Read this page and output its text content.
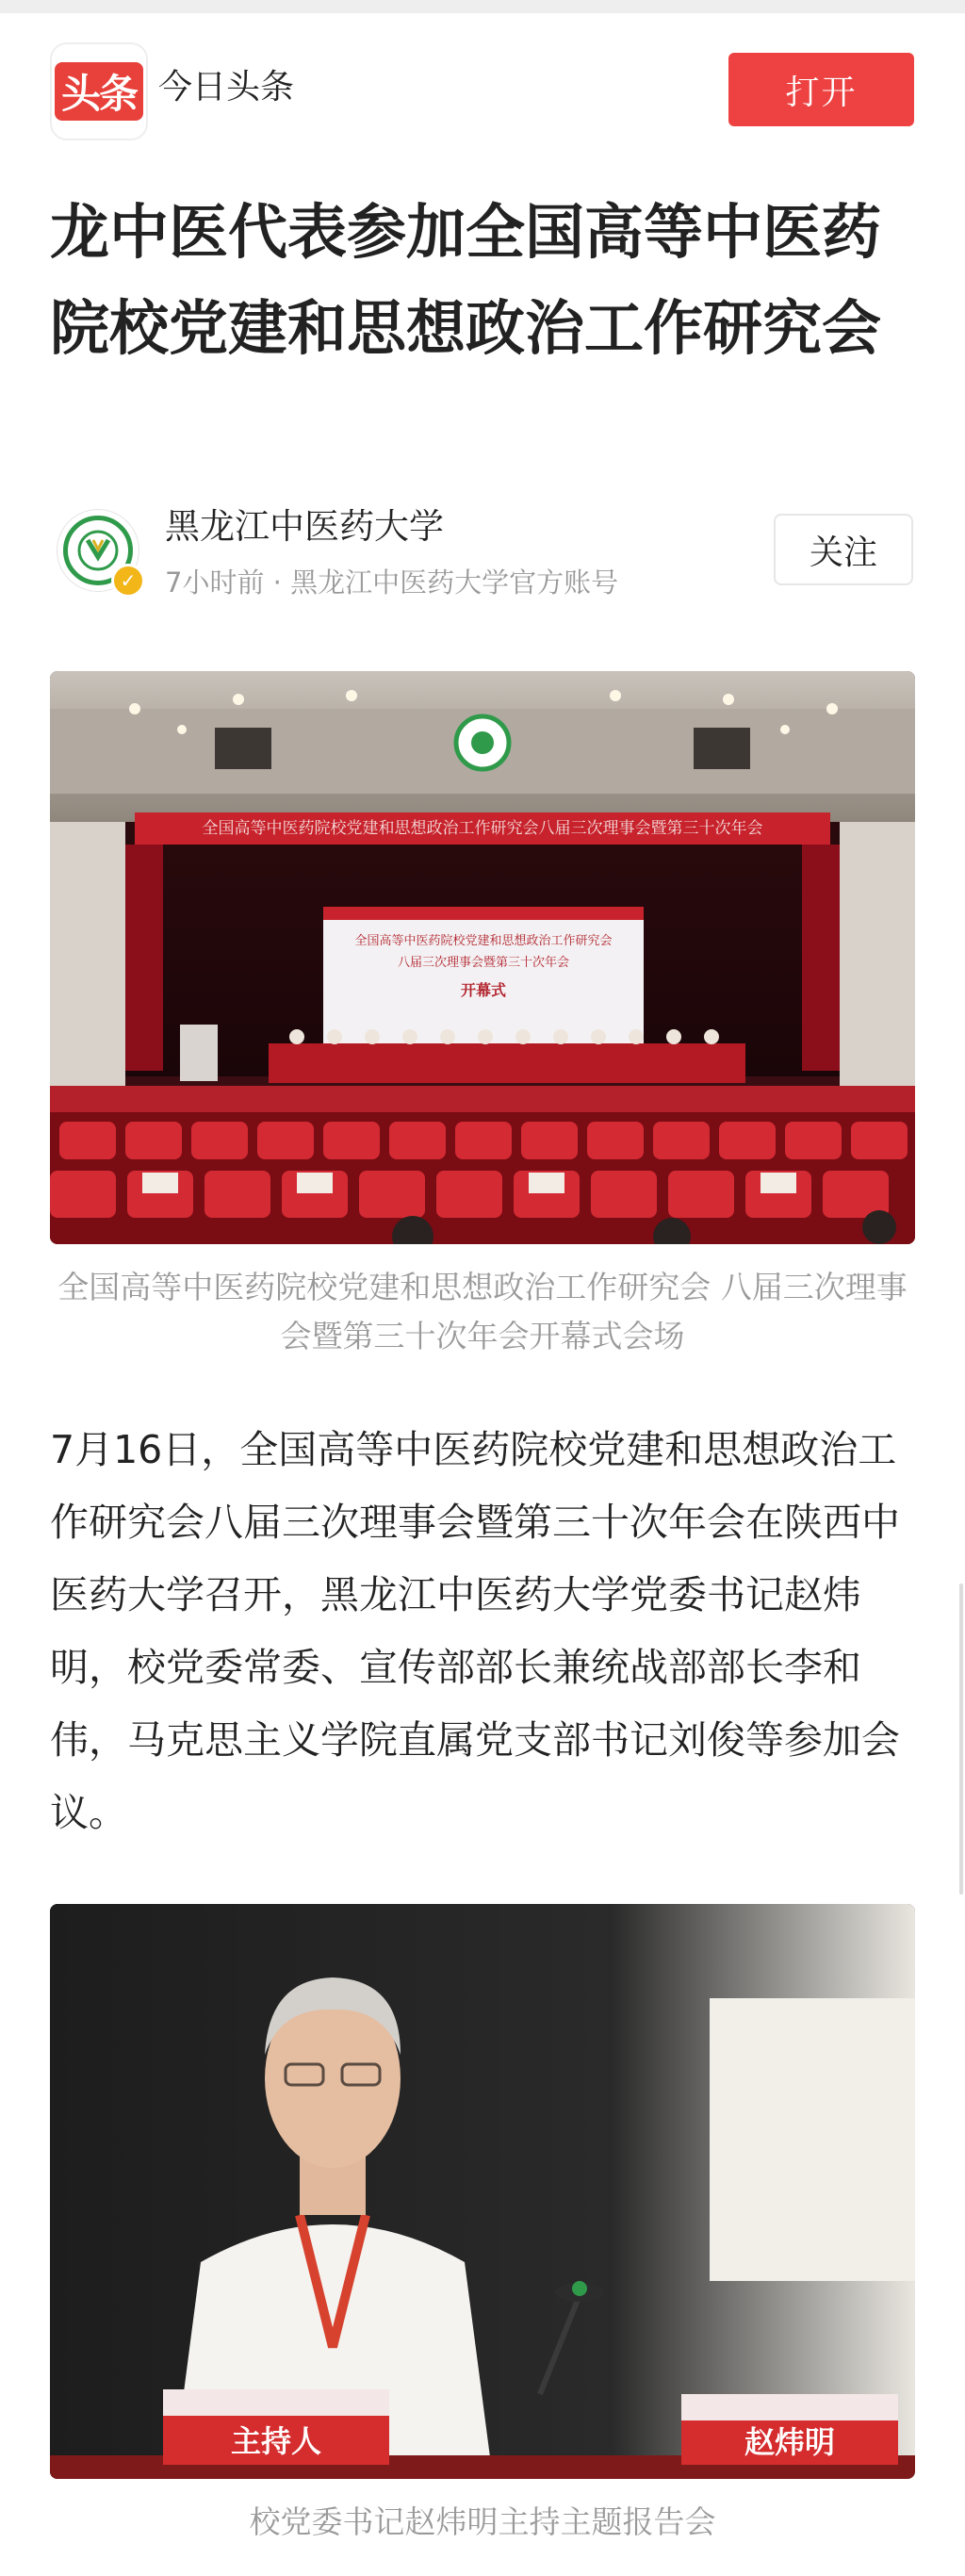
头条 今日头条	打开
龙中医代表参加全国高等中医药院校党建和思想政治工作研究会
✓
黑龙江中医药大学
7小时前 · 黑龙江中医药大学官方账号
关注
全国高等中医药院校党建和思想政治工作研究会八届三次理事会暨第三十次年会
全国高等中医药院校党建和思想政治工作研究会
八届三次理事会暨第三十次年会
开幕式
全国高等中医药院校党建和思想政治工作研究会 八届三次理事会暨第三十次年会开幕式会场

7月16日，全国高等中医药院校党建和思想政治工作研究会八届三次理事会暨第三十次年会在陕西中医药大学召开，黑龙江中医药大学党委书记赵炜明，校党委常委、宣传部部长兼统战部部长李和伟，马克思主义学院直属党支部书记刘俊等参加会议。

主持人	赵炜明
校党委书记赵炜明主持主题报告会
